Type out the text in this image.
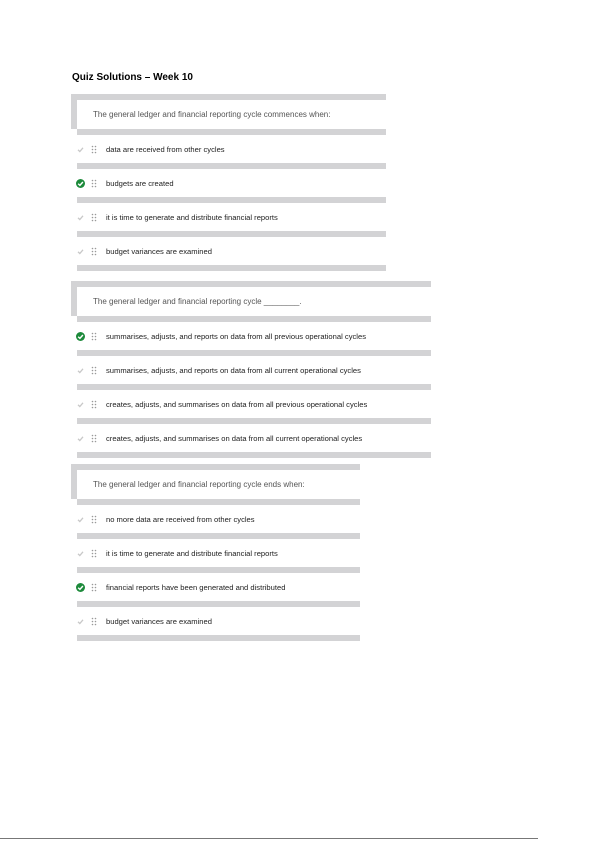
Quiz Solutions – Week 10
The general ledger and financial reporting cycle commences when:
data are received from other cycles
budgets are created
it is time to generate and distribute financial reports
budget variances are examined
The general ledger and financial reporting cycle ________.
summarises, adjusts, and reports on data from all previous operational cycles
summarises, adjusts, and reports on data from all current operational cycles
creates, adjusts, and summarises on data from all previous operational cycles
creates, adjusts, and summarises on data from all current operational cycles
The general ledger and financial reporting cycle ends when:
no more data are received from other cycles
it is time to generate and distribute financial reports
financial reports have been generated and distributed
budget variances are examined
